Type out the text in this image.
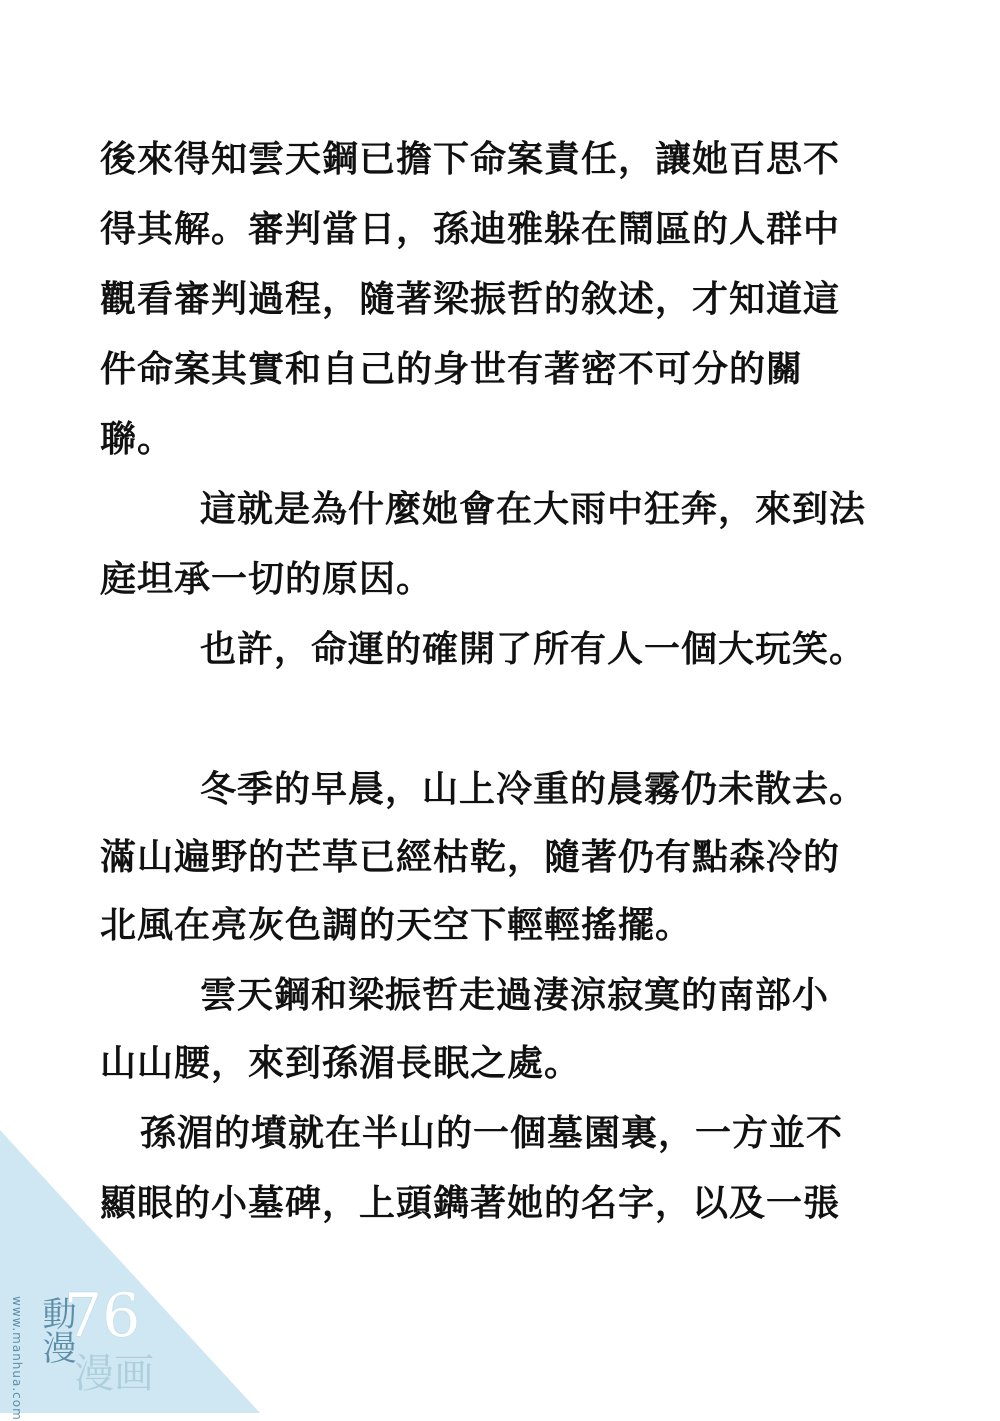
後來得知雲天鋼已擔下命案責任，讓她百思不
得其解。審判當日，孫迪雅躲在鬧區的人群中
觀看審判過程，隨著梁振哲的敘述，才知道這
件命案其實和自己的身世有著密不可分的關
聯。
這就是為什麼她會在大雨中狂奔，來到法
庭坦承一切的原因。
也許，命運的確開了所有人一個大玩笑。
冬季的早晨，山上冷重的晨霧仍未散去。
滿山遍野的芒草已經枯乾，隨著仍有點森冷的
北風在亮灰色調的天空下輕輕搖擺。
雲天鋼和梁振哲走過淒涼寂寞的南部小
山山腰，來到孫湄長眠之處。
孫湄的墳就在半山的一個墓園裏，一方並不
顯眼的小墓碑，上頭鐫著她的名字，以及一張
76
www.manhua.com 動漫
漫画
